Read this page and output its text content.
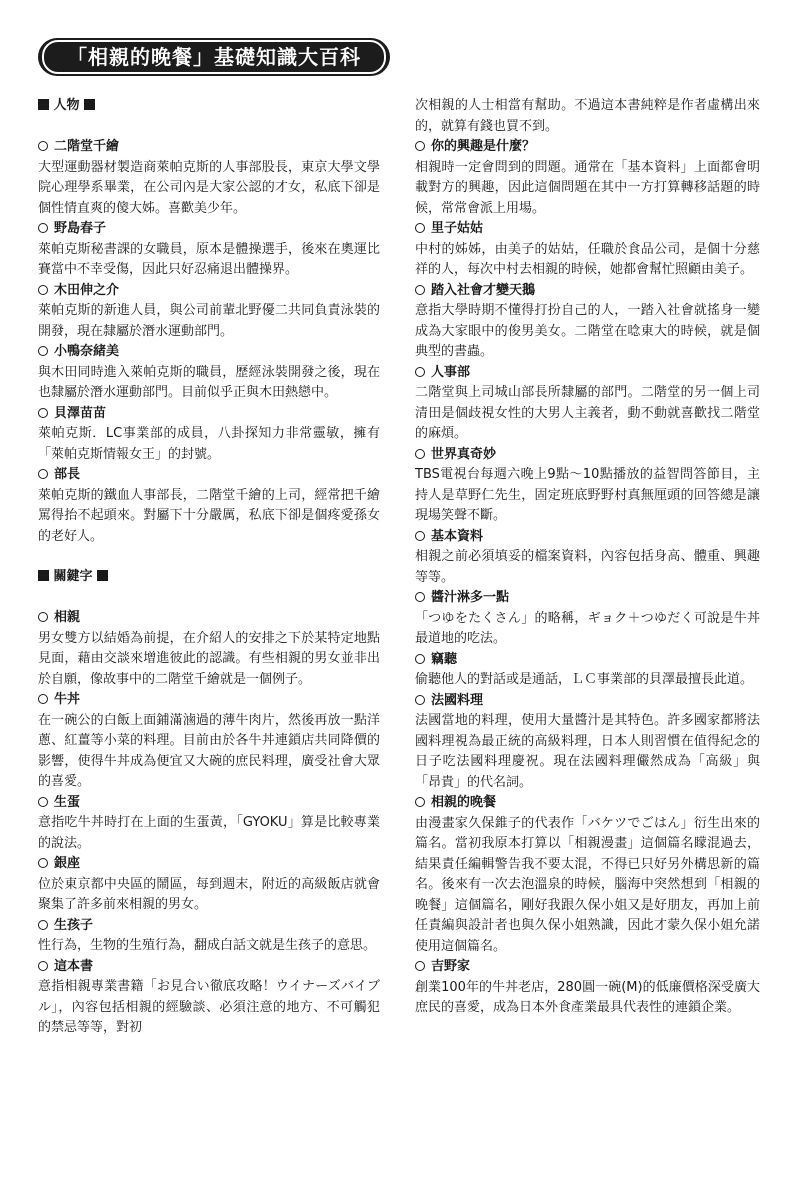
「相親的晚餐」基礎知識大百科
人物
二階堂千繪

大型運動器材製造商萊帕克斯的人事部股長，東京大學文學院心理學系畢業，在公司內是大家公認的才女，私底下卻是個性情直爽的傻大姊。喜歡美少年。

野島春子

萊帕克斯秘書課的女職員，原本是體操選手，後來在奧運比賽當中不幸受傷，因此只好忍痛退出體操界。

木田伸之介

萊帕克斯的新進人員，與公司前輩北野優二共同負責泳裝的開發，現在隸屬於潛水運動部門。

小鴨奈緒美

與木田同時進入萊帕克斯的職員，歷經泳裝開發之後，現在也隸屬於潛水運動部門。目前似乎正與木田熱戀中。

貝澤苗苗

萊帕克斯．LC事業部的成員，八卦探知力非常靈敏，擁有「萊帕克斯情報女王」的封號。

部長

萊帕克斯的鐵血人事部長，二階堂千繪的上司，經常把千繪罵得抬不起頭來。對屬下十分嚴厲，私底下卻是個疼愛孫女的老好人。

關鍵字
相親

男女雙方以結婚為前提，在介紹人的安排之下於某特定地點見面，藉由交談來增進彼此的認識。有些相親的男女並非出於自願，像故事中的二階堂千繪就是一個例子。

牛丼

在一碗公的白飯上面鋪滿滷過的薄牛肉片，然後再放一點洋蔥、紅薑等小菜的料理。目前由於各牛丼連鎖店共同降價的影響，使得牛丼成為便宜又大碗的庶民料理，廣受社會大眾的喜愛。

生蛋

意指吃牛丼時打在上面的生蛋黃，「GYOKU」算是比較專業的說法。

銀座

位於東京都中央區的鬧區，每到週末，附近的高級飯店就會聚集了許多前來相親的男女。

生孩子

性行為，生物的生殖行為，翻成白話文就是生孩子的意思。

這本書

意指相親專業書籍「お見合い徹底攻略！ウイナーズバイブル」，內容包括相親的經驗談、必須注意的地方、不可觸犯的禁忌等等，對初

次相親的人士相當有幫助。不過這本書純粹是作者虛構出來的，就算有錢也買不到。

你的興趣是什麼？

相親時一定會問到的問題。通常在「基本資料」上面都會明載對方的興趣，因此這個問題在其中一方打算轉移話題的時候，常常會派上用場。

里子姑姑

中村的姊姊，由美子的姑姑，任職於食品公司，是個十分慈祥的人，每次中村去相親的時候，她都會幫忙照顧由美子。

踏入社會才變天鵝

意指大學時期不懂得打扮自己的人，一踏入社會就搖身一變成為大家眼中的俊男美女。二階堂在唸東大的時候，就是個典型的書蟲。

人事部

二階堂與上司城山部長所隸屬的部門。二階堂的另一個上司清田是個歧視女性的大男人主義者，動不動就喜歡找二階堂的麻煩。

世界真奇妙

TBS電視台每週六晚上9點～10點播放的益智問答節目，主持人是草野仁先生，固定班底野野村真無厘頭的回答總是讓現場笑聲不斷。

基本資料

相親之前必須填妥的檔案資料，內容包括身高、體重、興趣等等。

醬汁淋多一點

「つゆをたくさん」的略稱，ギョク＋つゆだく可說是牛丼最道地的吃法。

竊聽

偷聽他人的對話或是通話，ＬＣ事業部的貝澤最擅長此道。

法國料理

法國當地的料理，使用大量醬汁是其特色。許多國家都將法國料理視為最正統的高級料理，日本人則習慣在值得紀念的日子吃法國料理慶祝。現在法國料理儼然成為「高級」與「昂貴」的代名詞。

相親的晚餐

由漫畫家久保錐子的代表作「バケツでごはん」衍生出來的篇名。當初我原本打算以「相親漫畫」這個篇名矇混過去，結果責任編輯警告我不要太混，不得已只好另外構思新的篇名。後來有一次去泡溫泉的時候，腦海中突然想到「相親的晚餐」這個篇名，剛好我跟久保小姐又是好朋友，再加上前任責編與設計者也與久保小姐熟識，因此才蒙久保小姐允諾使用這個篇名。

吉野家

創業100年的牛丼老店，280圓一碗(M)的低廉價格深受廣大庶民的喜愛，成為日本外食產業最具代表性的連鎖企業。
